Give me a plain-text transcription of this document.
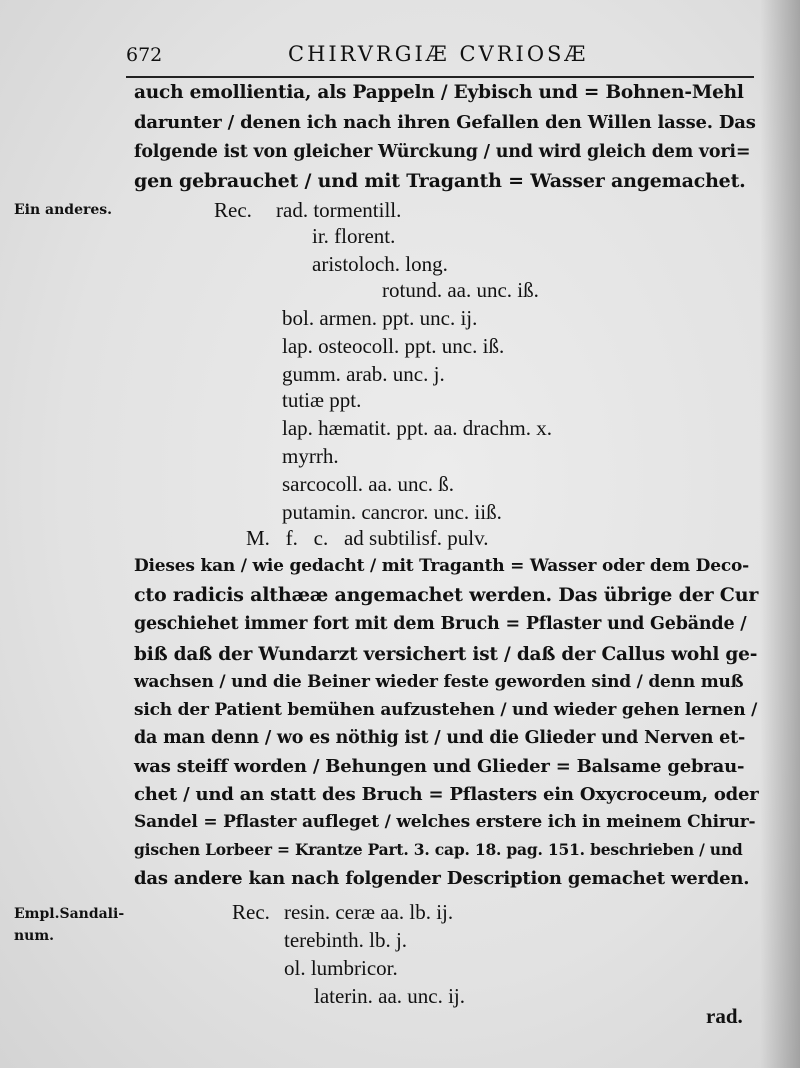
672	CHIRVRGIÆ CVRIOSÆ
auch emollientia, als Pappeln / Eybisch und = Bohnen-Mehl
darunter / denen ich nach ihren Gefallen den Willen lasse. Das
folgende ist von gleicher Würckung / und wird gleich dem vori=
gen gebrauchet / und mit Traganth = Wasser angemachet.
Ein anderes.	Rec. rad. tormentill.
ir. florent.
aristoloch. long.
rotund. aa. unc. iß.
bol. armen. ppt. unc. ij.
lap. osteocoll. ppt. unc. iß.
gumm. arab. unc. j.
tutiæ ppt.
lap. hæmatit. ppt. aa. drachm. x.
myrrh.
sarcocoll. aa. unc. ß.
putamin. cancror. unc. iiß.
M.   f.   c.   ad subtilisf. pulv.
Dieses kan / wie gedacht / mit Traganth = Wasser oder dem Deco-
cto radicis althææ angemachet werden. Das übrige der Cur
geschiehet immer fort mit dem Bruch = Pflaster und Gebände /
biß daß der Wundarzt versichert ist / daß der Callus wohl ge-
wachsen / und die Beiner wieder feste geworden sind / denn muß
sich der Patient bemühen aufzustehen / und wieder gehen lernen /
da man denn / wo es nöthig ist / und die Glieder und Nerven et-
was steiff worden / Behungen und Glieder = Balsame gebrau-
chet / und an statt des Bruch = Pflasters ein Oxycroceum, oder
Sandel = Pflaster aufleget / welches erstere ich in meinem Chirur-
gischen Lorbeer = Krantze Part. 3. cap. 18. pag. 151. beschrieben / und
das andere kan nach folgender Description gemachet werden.
Empl.Sandali-
num.
Rec. resin. ceræ aa. lb. ij.
terebinth. lb. j.
ol. lumbricor.
laterin. aa. unc. ij.
rad.
